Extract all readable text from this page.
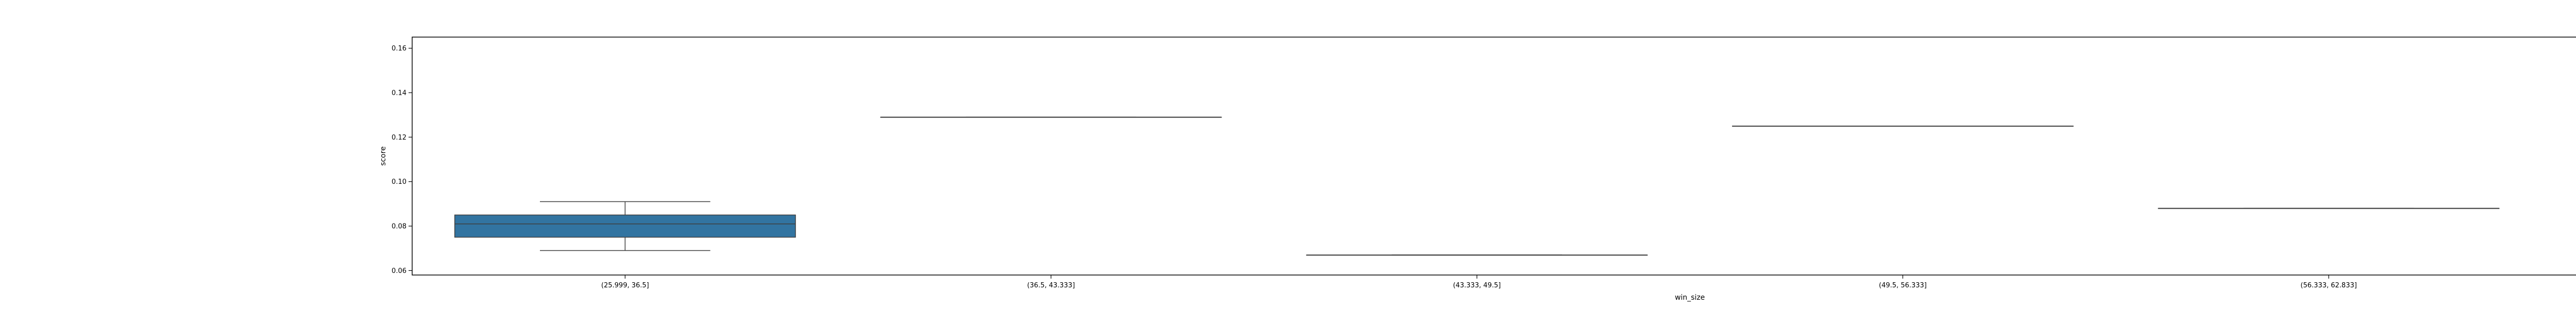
0.06
0.08
0.10
0.12
0.14
0.16
(25.999, 36.5]	(36.5, 43.333]	(43.333, 49.5]	(49.5, 56.333]	(56.333, 62.833]
win_size
score
